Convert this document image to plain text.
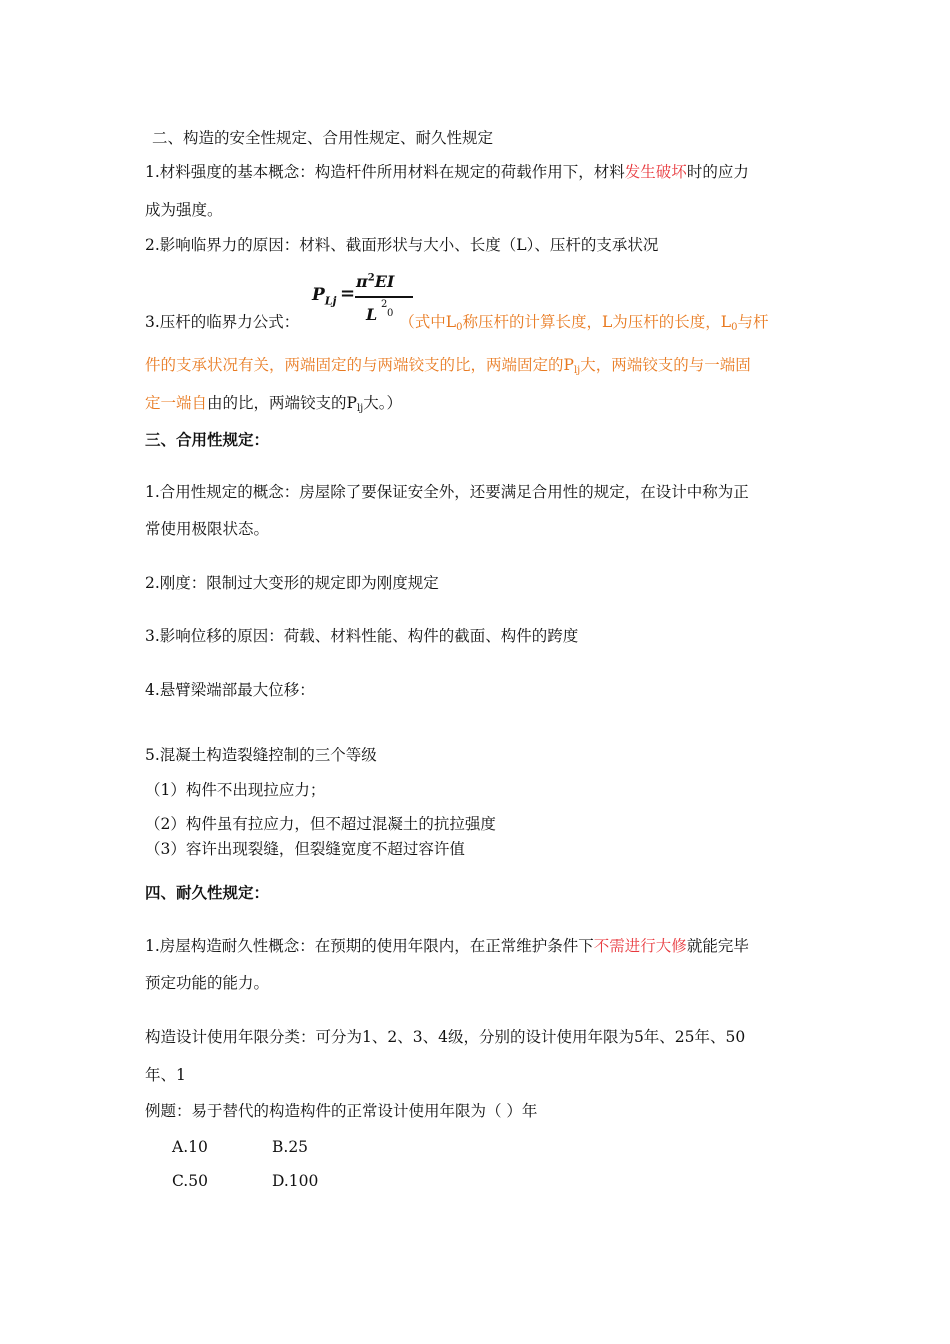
二、构造的安全性规定、合用性规定、耐久性规定
1.材料强度的基本概念：构造杆件所用材料在规定的荷载作用下，材料发生破坏时的应力
成为强度。
2.影响临界力的原因：材料、截面形状与大小、长度（L）、压杆的支承状况
$P_{Lj}$ =
$\pi^2EI$
L
2
0
3.压杆的临界力公式：	（式中$L_0$称压杆的计算长度，L为压杆的长度，$L_0$与杆
件的支承状况有关，两端固定的与两端铰支的比，两端固定的$P_{lj}$大，两端铰支的与一端固
定一端自由的比，两端铰支的$P_{lj}$大。）
三、合用性规定：
1.合用性规定的概念：房屋除了要保证安全外，还要满足合用性的规定，在设计中称为正
常使用极限状态。
2.刚度：限制过大变形的规定即为刚度规定
3.影响位移的原因：荷载、材料性能、构件的截面、构件的跨度
4.悬臂梁端部最大位移：
5.混凝土构造裂缝控制的三个等级
（1）构件不出现拉应力；
（2）构件虽有拉应力，但不超过混凝土的抗拉强度
（3）容许出现裂缝，但裂缝宽度不超过容许值
四、耐久性规定：
1.房屋构造耐久性概念：在预期的使用年限内，在正常维护条件下不需进行大修就能完毕
预定功能的能力。
构造设计使用年限分类：可分为1、2、3、4级，分别的设计使用年限为5年、25年、50
年、1
例题：易于替代的构造构件的正常设计使用年限为（ ）年
A.10	B.25
C.50	D.100
